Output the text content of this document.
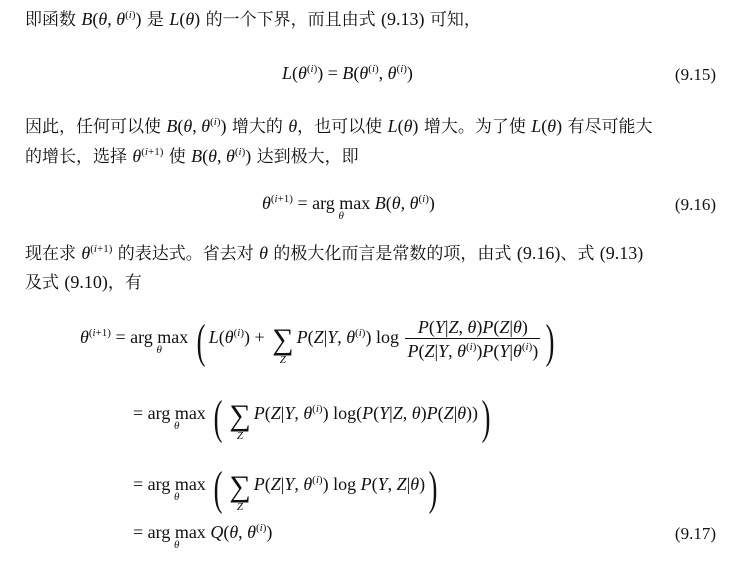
即函数 B(θ, $\theta^{(i)}$) 是 L(θ) 的一个下界，而且由式 (9.13) 可知，
$L(\theta^{(i)}) = B(\theta^{(i)}$, $\theta^{(i)}$)	(9.15)
因此，任何可以使 B(θ, $\theta^{(i)}$) 增大的 θ，也可以使 L(θ) 增大。为了使 L(θ) 有尽可能大
的增长，选择 $\theta^{(i+1)}$ 使 B(θ, $\theta^{(i)}$) 达到极大，即
$\theta^{(i+1)}$ = arg max
θ
B(θ, $\theta^{(i)}$)	(9.16)
现在求 $\theta^{(i+1)}$ 的表达式。省去对 θ 的极大化而言是常数的项，由式 (9.16)、式 (9.13)
及式 (9.10)，有
$\theta^{(i+1)}$ = arg max
θ ( $L(\theta^{(i)})$ + ∑
Z
P(Z|Y, $\theta^{(i)}$) $\log \frac{P(Y|Z, \theta)P(Z|\theta)}{P(Z|Y, \theta^{(i)})P(Y|\theta^{(i)})}$ )
= arg max
θ ( ∑
Z
P(Z|Y, $\theta^{(i)}$) log(P(Y|Z, θ)P(Z|θ)))
= arg max
θ ( ∑
Z
P(Z|Y, $\theta^{(i)}$) log P(Y, Z|θ))
= arg max
θ
Q(θ, $\theta^{(i)}$)	(9.17)
